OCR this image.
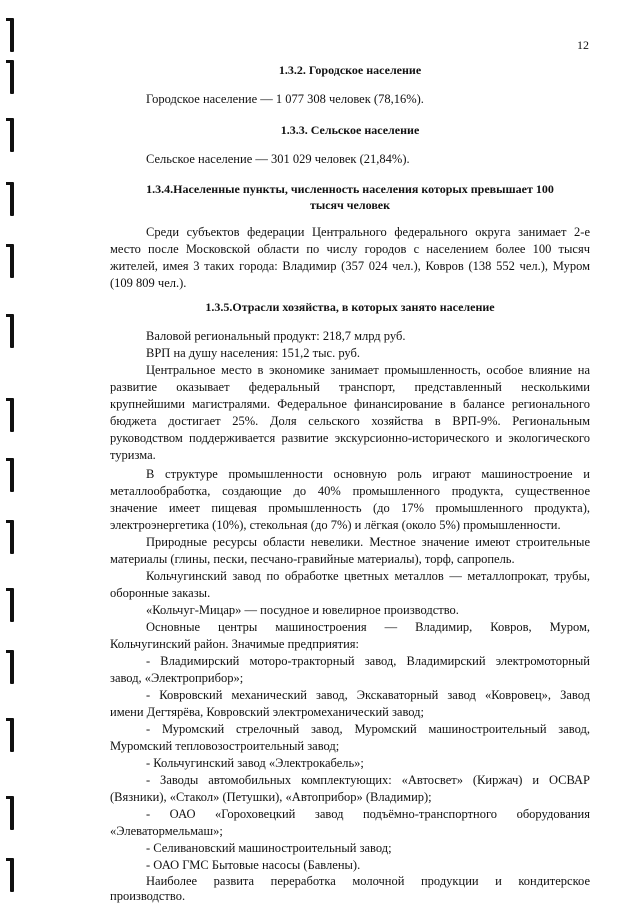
12
1.3.2. Городское население
Городское население — 1 077 308 человек (78,16%).
1.3.3. Сельское население
Сельское население — 301 029 человек (21,84%).
1.3.4.Населенные пункты, численность населения которых превышает 100
тысяч человек
Среди субъектов федерации Центрального федерального округа занимает 2-е
место после Московской области по числу городов с населением более 100 тысяч
жителей, имея 3 таких города: Владимир (357 024 чел.), Ковров (138 552 чел.), Муром
(109 809 чел.).
1.3.5.Отрасли хозяйства, в которых занято население
Валовой региональный продукт: 218,7 млрд руб.
ВРП на душу населения: 151,2 тыс. руб.
Центральное место в экономике занимает промышленность, особое влияние на
развитие оказывает федеральный транспорт, представленный несколькими
крупнейшими магистралями. Федеральное финансирование в балансе регионального
бюджета достигает 25%. Доля сельского хозяйства в ВРП-9%. Региональным
руководством поддерживается развитие экскурсионно-исторического и экологического
туризма.
В структуре промышленности основную роль играют машиностроение и
металлообработка, создающие до 40% промышленного продукта, существенное
значение имеет пищевая промышленность (до 17% промышленного продукта),
электроэнергетика (10%), стекольная (до 7%) и лёгкая (около 5%) промышленности.
Природные ресурсы области невелики. Местное значение имеют строительные
материалы (глины, пески, песчано-гравийные материалы), торф, сапропель.
Кольчугинский завод по обработке цветных металлов — металлопрокат, трубы,
оборонные заказы.
«Кольчуг-Мицар» — посудное и ювелирное производство.
Основные центры машиностроения — Владимир, Ковров, Муром,
Кольчугинский район. Значимые предприятия:
- Владимирский моторо-тракторный завод, Владимирский электромоторный
завод, «Электроприбор»;
- Ковровский механический завод, Экскаваторный завод «Ковровец», Завод
имени Дегтярёва, Ковровский электромеханический завод;
- Муромский стрелочный завод, Муромский машиностроительный завод,
Муромский тепловозостроительный завод;
- Кольчугинский завод «Электрокабель»;
- Заводы автомобильных комплектующих: «Автосвет» (Киржач) и ОСВАР
(Вязники), «Стакол» (Петушки), «Автоприбор» (Владимир);
- ОАО «Гороховецкий завод подъёмно-транспортного оборудования
«Элеватормельмаш»;
- Селивановский машиностроительный завод;
- ОАО ГМС Бытовые насосы (Бавлены).
Наиболее развита переработка молочной продукции и кондитерское
производство.
